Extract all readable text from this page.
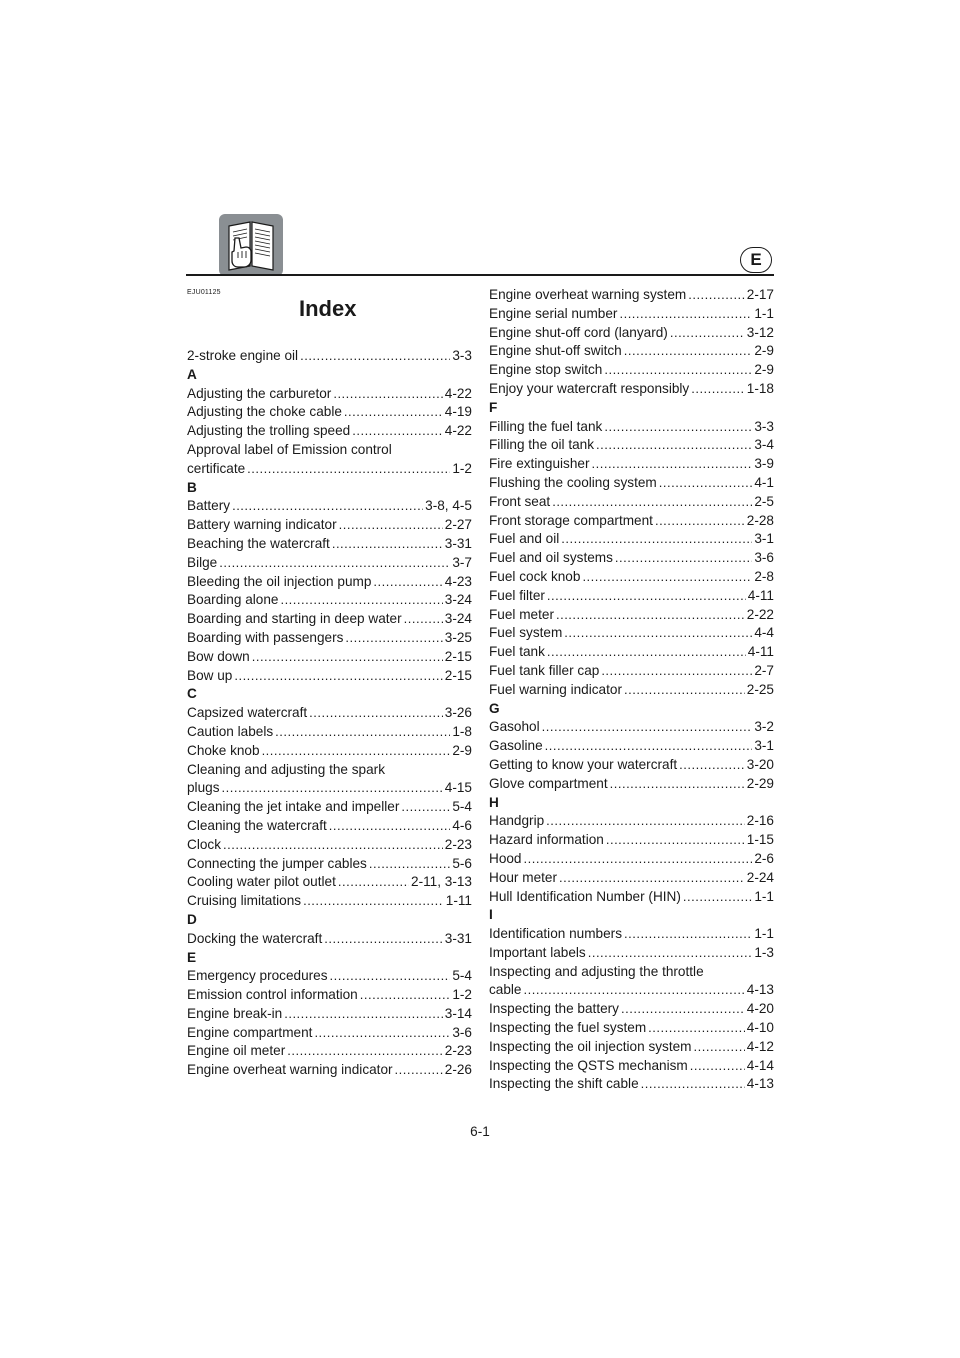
E
EJU01125
Index
2-stroke engine oil .....	3-3
A
Adjusting the carburetor .....	4-22
Adjusting the choke cable .....	4-19
Adjusting the trolling speed .....	4-22
Approval label of Emission control
certificate .....	1-2
B
Battery .....	3-8, 4-5
Battery warning indicator .....	2-27
Beaching the watercraft .....	3-31
Bilge .....	3-7
Bleeding the oil injection pump .....	4-23
Boarding alone .....	3-24
Boarding and starting in deep water .....	3-24
Boarding with passengers .....	3-25
Bow down .....	2-15
Bow up .....	2-15
C
Capsized watercraft .....	3-26
Caution labels .....	1-8
Choke knob .....	2-9
Cleaning and adjusting the spark
plugs .....	4-15
Cleaning the jet intake and impeller .....	5-4
Cleaning the watercraft .....	4-6
Clock .....	2-23
Connecting the jumper cables .....	5-6
Cooling water pilot outlet .....	2-11, 3-13
Cruising limitations .....	1-11
D
Docking the watercraft .....	3-31
E
Emergency procedures .....	5-4
Emission control information .....	1-2
Engine break-in .....	3-14
Engine compartment .....	3-6
Engine oil meter .....	2-23
Engine overheat warning indicator .....	2-26
Engine overheat warning system .....	2-17
Engine serial number .....	1-1
Engine shut-off cord (lanyard) .....	3-12
Engine shut-off switch .....	2-9
Engine stop switch .....	2-9
Enjoy your watercraft responsibly .....	1-18
F
Filling the fuel tank .....	3-3
Filling the oil tank .....	3-4
Fire extinguisher .....	3-9
Flushing the cooling system .....	4-1
Front seat .....	2-5
Front storage compartment .....	2-28
Fuel and oil .....	3-1
Fuel and oil systems .....	3-6
Fuel cock knob .....	2-8
Fuel filter .....	4-11
Fuel meter .....	2-22
Fuel system .....	4-4
Fuel tank .....	4-11
Fuel tank filler cap .....	2-7
Fuel warning indicator .....	2-25
G
Gasohol .....	3-2
Gasoline .....	3-1
Getting to know your watercraft .....	3-20
Glove compartment .....	2-29
H
Handgrip .....	2-16
Hazard information .....	1-15
Hood .....	2-6
Hour meter .....	2-24
Hull Identification Number (HIN) .....	1-1
I
Identification numbers .....	1-1
Important labels .....	1-3
Inspecting and adjusting the throttle
cable .....	4-13
Inspecting the battery .....	4-20
Inspecting the fuel system .....	4-10
Inspecting the oil injection system .....	4-12
Inspecting the QSTS mechanism .....	4-14
Inspecting the shift cable .....	4-13
6-1
